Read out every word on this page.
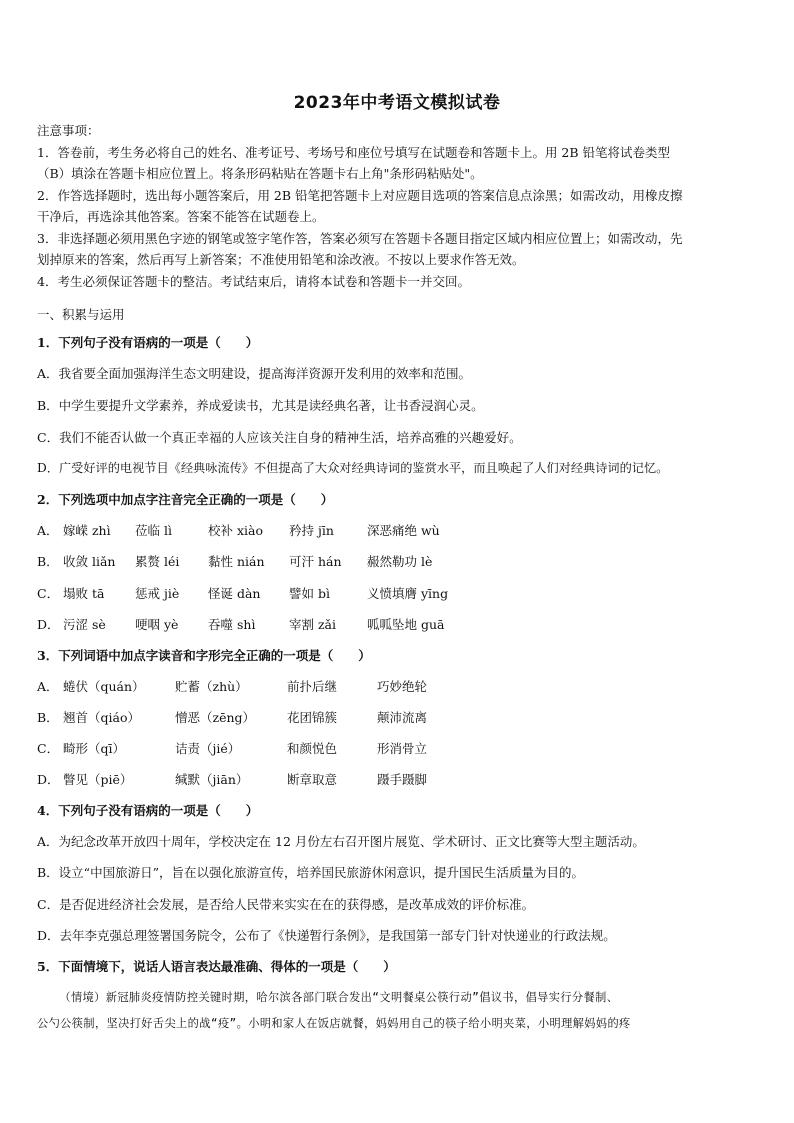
2023年中考语文模拟试卷

注意事项：

1．答卷前，考生务必将自己的姓名、准考证号、考场号和座位号填写在试题卷和答题卡上。用 2B 铅笔将试卷类型

（B）填涂在答题卡相应位置上。将条形码粘贴在答题卡右上角"条形码粘贴处"。

2．作答选择题时，选出每小题答案后，用 2B 铅笔把答题卡上对应题目选项的答案信息点涂黑；如需改动，用橡皮擦

干净后，再选涂其他答案。答案不能答在试题卷上。

3．非选择题必须用黑色字迹的钢笔或签字笔作答，答案必须写在答题卡各题目指定区域内相应位置上；如需改动，先

划掉原来的答案，然后再写上新答案；不准使用铅笔和涂改液。不按以上要求作答无效。

4．考生必须保证答题卡的整洁。考试结束后，请将本试卷和答题卡一并交回。

一、积累与运用
1．下列句子没有语病的一项是（　　）
A．我省要全面加强海洋生态文明建设，提高海洋资源开发利用的效率和范围。
B．中学生要提升文学素养，养成爱读书，尤其是读经典名著，让书香浸润心灵。
C．我们不能否认做一个真正幸福的人应该关注自身的精神生活，培养高雅的兴趣爱好。
D．广受好评的电视节目《经典咏流传》不但提高了大众对经典诗词的鉴赏水平，而且唤起了人们对经典诗词的记忆。
2．下列选项中加点字注音完全正确的一项是（　　）
A． 嫁嵘 zhì	莅临 lì	校补 xiào	矜持 jīn	深恶痛绝 wù
B． 收敛 liǎn	累赘 léi	黏性 nián	可汗 hán	赧然勒功 lè
C． 塌败 tā	惩戒 jiè	怪诞 dàn	譬如 bì	义愤填膺 yīng
D． 污涩 sè	哽咽 yè	吞噬 shì	宰割 zǎi	呱呱坠地 guā
3．下列词语中加点字读音和字形完全正确的一项是（　　）
A． 蜷伏（quán）	贮蓄（zhù）	前扑后继	巧妙绝轮
B． 翘首（qiáo）	憎恶（zēng）	花团锦簇	颠沛流离
C． 畸形（qī）	诘责（jié）	和颜悦色	形消骨立
D． 瞥见（piē）	缄默（jiān）	断章取意	蹑手蹑脚
4．下列句子没有语病的一项是（　　）
A．为纪念改革开放四十周年，学校决定在 12 月份左右召开图片展览、学术研讨、正文比赛等大型主题活动。
B．设立“中国旅游日”，旨在以强化旅游宣传，培养国民旅游休闲意识，提升国民生活质量为目的。
C．是否促进经济社会发展，是否给人民带来实实在在的获得感，是改革成效的评价标准。
D．去年李克强总理签署国务院令，公布了《快递暂行条例》，是我国第一部专门针对快递业的行政法规。
5．下面情境下，说话人语言表达最准确、得体的一项是（　　）

（情境）新冠肺炎疫情防控关键时期，哈尔滨各部门联合发出“文明餐桌公筷行动”倡议书，倡导实行分餐制、

公勺公筷制，坚决打好舌尖上的战“疫”。小明和家人在饭店就餐，妈妈用自己的筷子给小明夹菜，小明理解妈妈的疼
